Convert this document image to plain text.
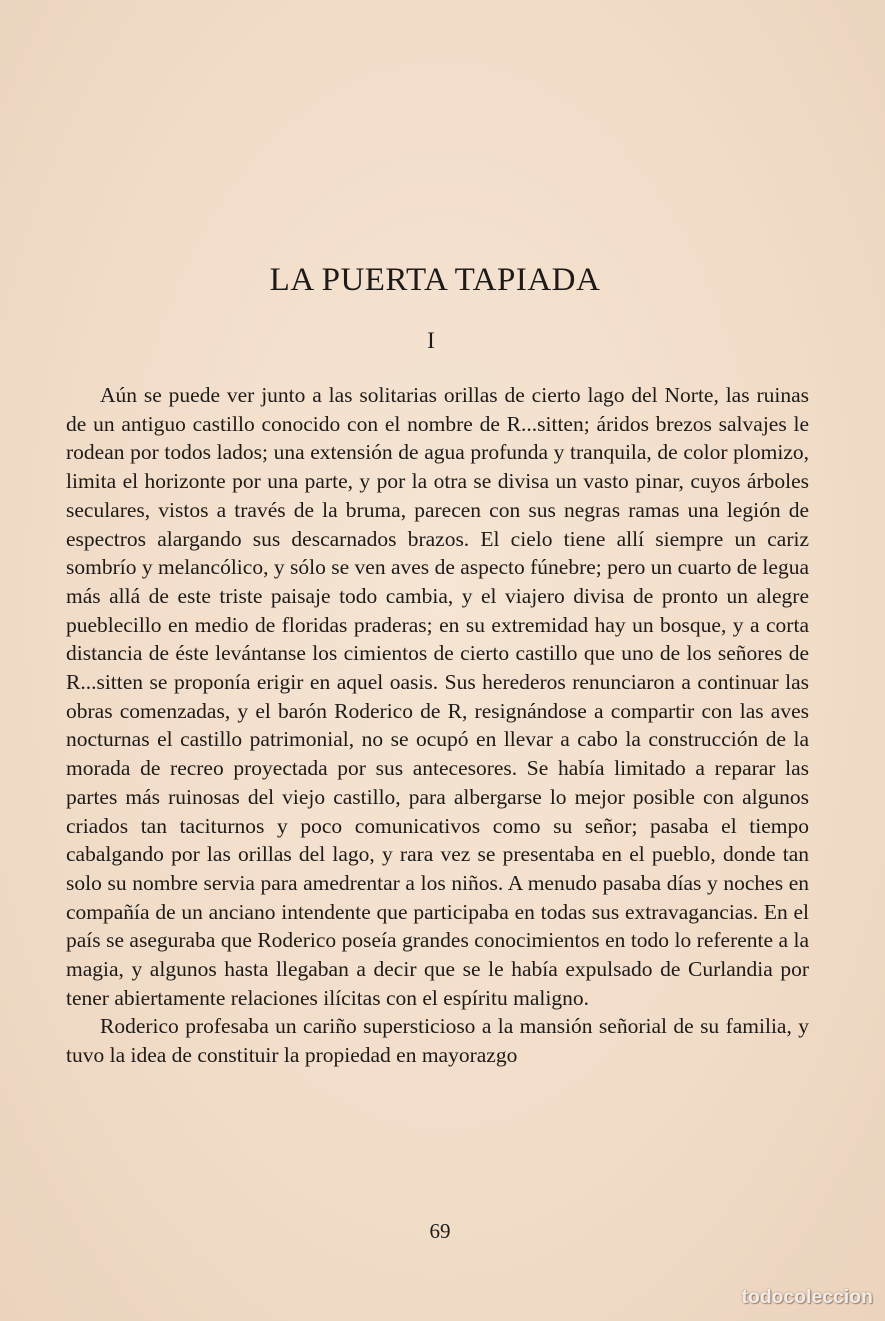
LA PUERTA TAPIADA
I

Aún se puede ver junto a las solitarias orillas de cierto lago del Norte, las ruinas de un antiguo castillo conocido con el nombre de R...sitten; áridos brezos salvajes le rodean por todos lados; una extensión de agua profunda y tranquila, de color plomizo, limita el horizonte por una parte, y por la otra se divisa un vasto pinar, cuyos árboles seculares, vistos a través de la bruma, parecen con sus negras ramas una legión de espectros alargando sus descarnados brazos. El cielo tiene allí siempre un cariz sombrío y melancólico, y sólo se ven aves de aspecto fúnebre; pero un cuarto de legua más allá de este triste paisaje todo cambia, y el viajero divisa de pronto un alegre pueblecillo en medio de floridas praderas; en su extremidad hay un bosque, y a corta distancia de éste levántanse los cimientos de cierto castillo que uno de los señores de R...sitten se proponía erigir en aquel oasis. Sus herederos renunciaron a continuar las obras comenzadas, y el barón Roderico de R, resignándose a compartir con las aves nocturnas el castillo patrimonial, no se ocupó en llevar a cabo la construcción de la morada de recreo proyectada por sus antecesores. Se había limitado a reparar las partes más ruinosas del viejo castillo, para albergarse lo mejor posible con algunos criados tan taciturnos y poco comunicativos como su señor; pasaba el tiempo cabalgando por las orillas del lago, y rara vez se presentaba en el pueblo, donde tan solo su nombre servia para amedrentar a los niños. A menudo pasaba días y noches en compañía de un anciano intendente que participaba en todas sus extravagancias. En el país se aseguraba que Roderico poseía grandes conocimientos en todo lo referente a la magia, y algunos hasta llegaban a decir que se le había expulsado de Curlandia por tener abiertamente relaciones ilícitas con el espíritu maligno.

Roderico profesaba un cariño supersticioso a la mansión señorial de su familia, y tuvo la idea de constituir la propiedad en mayorazgo

69
todocoleccion
